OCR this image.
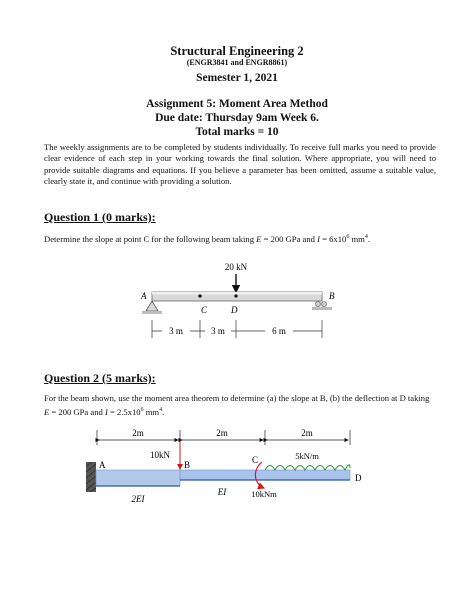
Structural Engineering 2
(ENGR3841 and ENGR8861)
Semester 1, 2021
Assignment 5: Moment Area Method
Due date: Thursday 9am Week 6.
Total marks = 10
The weekly assignments are to be completed by students individually. To receive full marks you need to provide clear evidence of each step in your working towards the final solution. Where appropriate, you will need to provide suitable diagrams and equations. If you believe a parameter has been omitted, assume a suitable value, clearly state it, and continue with providing a solution.
Question 1 (0 marks):
Determine the slope at point C for the following beam taking E = 200 GPa and $I = 6x10^6$ $mm^4$.
Question 2 (5 marks):
For the beam shown, use the moment area theorem to determine (a) the slope at B, (b) the deflection at D taking E = 200 GPa and $I = 2.5x10^6$ $mm^4$.
20 kN
A	B
C	D
3 m	3 m	6 m
2m	2m	2m
10kN	5kN/m
10kNm
A	B	C
D
2EI
EI
